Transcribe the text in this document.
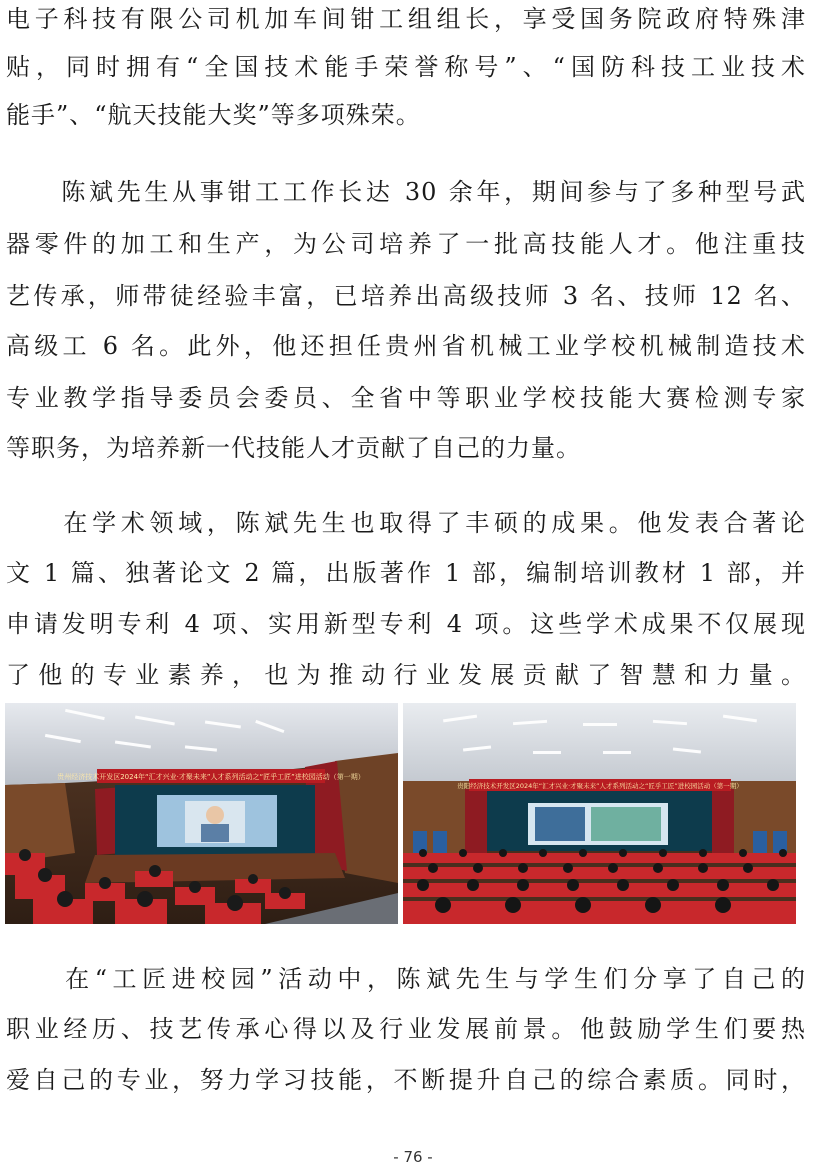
电子科技有限公司机加车间钳工组组长，享受国务院政府特殊津
贴，同时拥有“全国技术能手荣誉称号”、“国防科技工业技术
能手”、“航天技能大奖”等多项殊荣。
　　陈斌先生从事钳工工作长达 30 余年，期间参与了多种型号武
器零件的加工和生产，为公司培养了一批高技能人才。他注重技
艺传承，师带徒经验丰富，已培养出高级技师 3 名、技师 12 名、
高级工 6 名。此外，他还担任贵州省机械工业学校机械制造技术
专业教学指导委员会委员、全省中等职业学校技能大赛检测专家
等职务，为培养新一代技能人才贡献了自己的力量。
　　在学术领域，陈斌先生也取得了丰硕的成果。他发表合著论
文 1 篇、独著论文 2 篇，出版著作 1 部，编制培训教材 1 部，并
申请发明专利 4 项、实用新型专利 4 项。这些学术成果不仅展现
了他的专业素养，也为推动行业发展贡献了智慧和力量。
贵州经济技术开发区2024年“汇才兴业·才聚未来”人才系列活动之“匠乎工匠”进校园活动（第一期）
贵阳经济技术开发区2024年“汇才兴业·才聚未来”人才系列活动之“匠乎工匠”进校园活动（第一期）
　　在“工匠进校园”活动中，陈斌先生与学生们分享了自己的
职业经历、技艺传承心得以及行业发展前景。他鼓励学生们要热
爱自己的专业，努力学习技能，不断提升自己的综合素质。同时，
- 76 -
